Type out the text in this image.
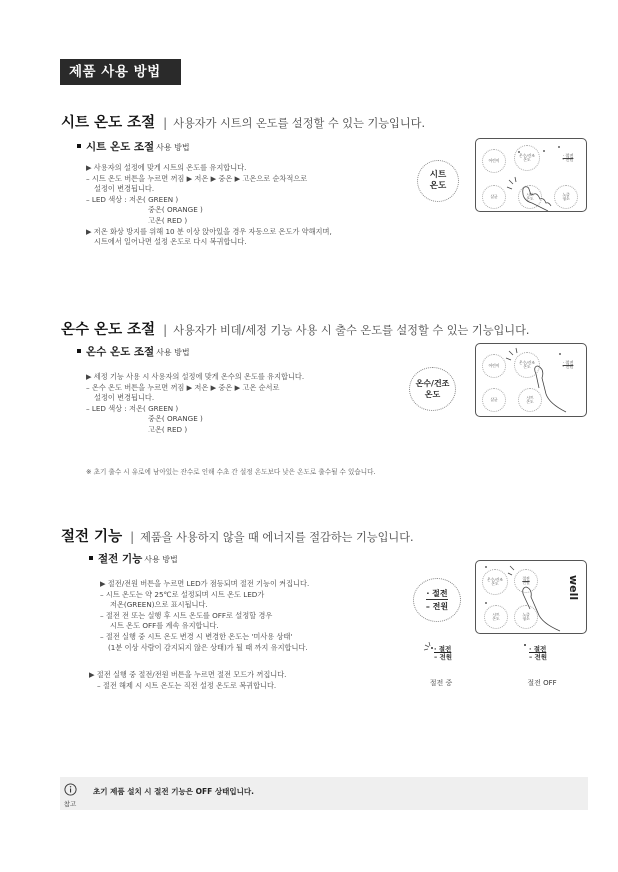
제품 사용 방법
시트 온도 조절 | 사용자가 시트의 온도를 설정할 수 있는 기능입니다.
시트 온도 조절 사용 방법
▶ 사용자의 설정에 맞게 시트의 온도를 유지합니다.
– 시트 온도 버튼을 누르면 꺼짐 ▶ 저온 ▶ 중온 ▶ 고온으로 순차적으로
설정이 변경됩니다.
– LED 색상 : 저온( GREEN )
중온( ORANGE )
고온( RED )
▶ 저온 화상 방지를 위해 10 분 이상 앉아있을 경우 자동으로 온도가 약해지며,
시트에서 일어나면 설정 온도로 다시 복귀합니다.
시트
온도
어린이
온수/건조
온도
· 절전
- 전원
살균	시트
온도
노즐
청소
온수 온도 조절 | 사용자가 비데/세정 기능 사용 시 출수 온도를 설정할 수 있는 기능입니다.
온수 온도 조절 사용 방법
▶ 세정 기능 사용 시 사용자의 설정에 맞게 온수의 온도를 유지합니다.
– 온수 온도 버튼을 누르면 꺼짐 ▶ 저온 ▶ 중온 ▶ 고온 순서로
설정이 변경됩니다.
– LED 색상 : 저온( GREEN )
중온( ORANGE )
고온( RED )
※ 초기 출수 시 유로에 남아있는 잔수로 인해 수초 간 설정 온도보다 낮은 온도로 출수될 수 있습니다.
온수/건조
온도
어린이
온수/건조
온도
· 절전
- 전원
살균	시트
온도
절전 기능 | 제품을 사용하지 않을 때 에너지를 절감하는 기능입니다.
절전 기능 사용 방법
▶ 절전/전원 버튼을 누르면 LED가 점등되며 절전 기능이 켜집니다.
– 시트 온도는 약 25℃로 설정되며 시트 온도 LED가
저온(GREEN)으로 표시됩니다.
– 절전 전 또는 실행 후 시트 온도를 OFF로 설정할 경우
시트 온도 OFF를 계속 유지합니다.
– 절전 실행 중 시트 온도 변경 시 변경한 온도는 '미사용 상태'
(1분 이상 사람이 감지되지 않은 상태)가 될 때 까지 유지합니다.
▶ 절전 실행 중 절전/전원 버튼을 누르면 절전 모드가 꺼집니다.
– 절전 해제 시 시트 온도는 직전 설정 온도로 복귀합니다.
· 절전
– 전원
온수/건조
온도
절전
전원
시트
온도
노즐
청소
well
· 절전
– 전원
절전 중
· 절전
– 전원
절전 OFF
참고
초기 제품 설치 시 절전 기능은 OFF 상태입니다.
